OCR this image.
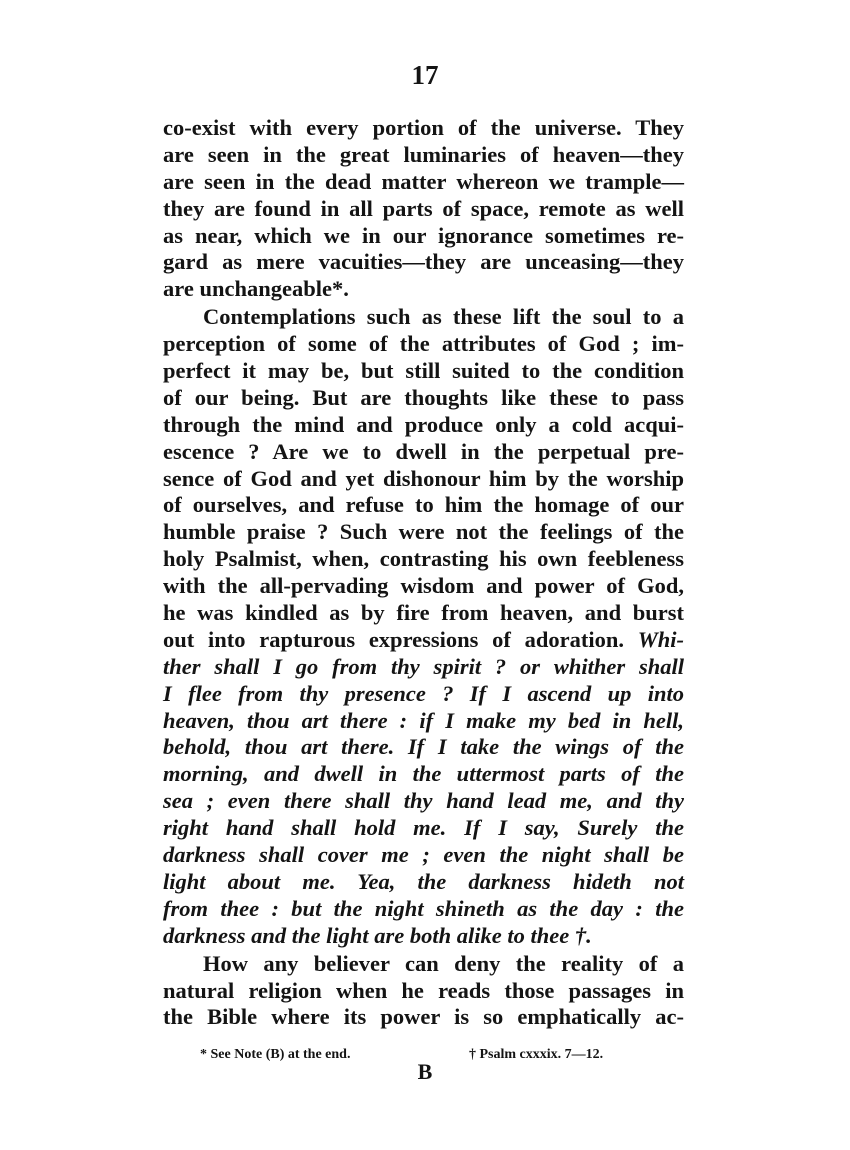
17
co-exist with every portion of the universe. They
are seen in the great luminaries of heaven—they
are seen in the dead matter whereon we trample—
they are found in all parts of space, remote as well
as near, which we in our ignorance sometimes re-
gard as mere vacuities—they are unceasing—they
are unchangeable*.
Contemplations such as these lift the soul to a
perception of some of the attributes of God ; im-
perfect it may be, but still suited to the condition
of our being. But are thoughts like these to pass
through the mind and produce only a cold acqui-
escence ? Are we to dwell in the perpetual pre-
sence of God and yet dishonour him by the worship
of ourselves, and refuse to him the homage of our
humble praise ? Such were not the feelings of the
holy Psalmist, when, contrasting his own feebleness
with the all-pervading wisdom and power of God,
he was kindled as by fire from heaven, and burst
out into rapturous expressions of adoration. Whi-
ther shall I go from thy spirit ? or whither shall
I flee from thy presence ? If I ascend up into
heaven, thou art there : if I make my bed in hell,
behold, thou art there. If I take the wings of the
morning, and dwell in the uttermost parts of the
sea ; even there shall thy hand lead me, and thy
right hand shall hold me. If I say, Surely the
darkness shall cover me ; even the night shall be
light about me. Yea, the darkness hideth not
from thee : but the night shineth as the day : the
darkness and the light are both alike to thee †.
How any believer can deny the reality of a
natural religion when he reads those passages in
the Bible where its power is so emphatically ac-
* See Note (B) at the end.	† Psalm cxxxix. 7—12.
B
